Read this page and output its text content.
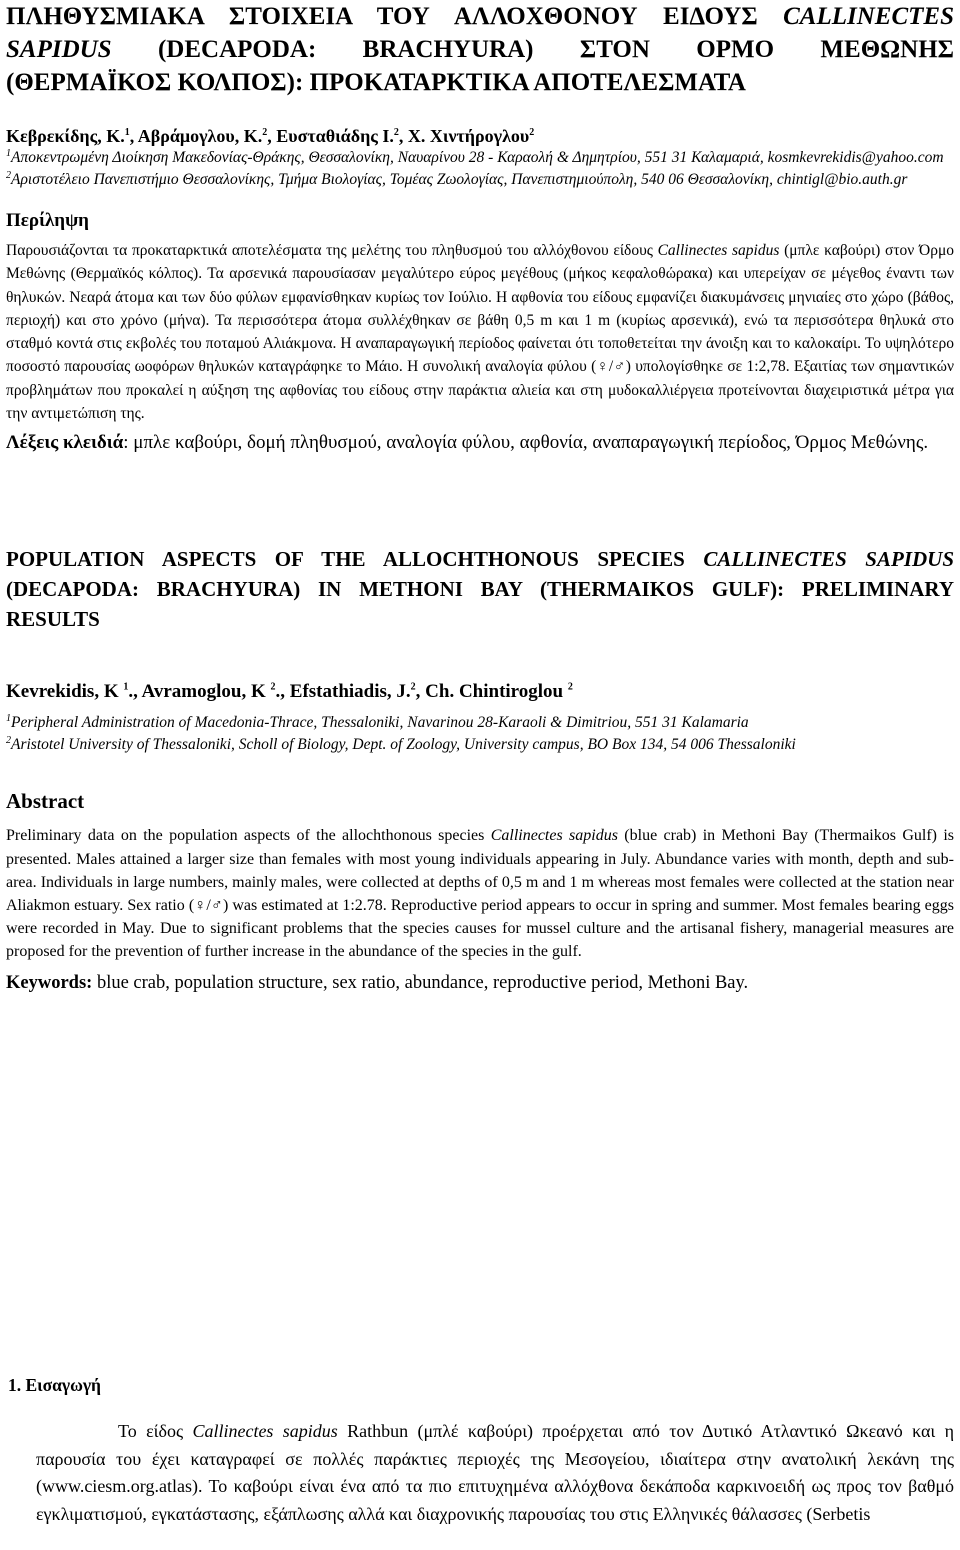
ΠΛΗΘΥΣΜΙΑΚΑ ΣΤΟΙΧΕΙΑ ΤΟΥ ΑΛΛΟΧΘΟΝΟΥ ΕΙΔΟΥΣ CALLINECTES
SAPIDUS (DECAPODA: BRACHYURA) ΣΤΟΝ ΟΡΜΟ ΜΕΘΩΝΗΣ
(ΘΕΡΜΑΪΚΟΣ ΚΟΛΠΟΣ): ΠΡΟΚΑΤΑΡΚΤΙΚΑ ΑΠΟΤΕΛΕΣΜΑΤΑ
Κεβρεκίδης, Κ.$^1$, Αβράμογλου, Κ.$^2$, Ευσταθιάδης Ι.$^2$, Χ. Χιντήρογλου$^2$
$^1$Αποκεντρωμένη Διοίκηση Μακεδονίας-Θράκης, Θεσσαλονίκη, Ναυαρίνου 28 - Καραολή & Δημητρίου, 551 31 Καλαμαριά, kosmkevrekidis@yahoo.com
$^2$Αριστοτέλειο Πανεπιστήμιο Θεσσαλονίκης, Τμήμα Βιολογίας, Τομέας Ζωολογίας, Πανεπιστημιούπολη, 540 06 Θεσσαλονίκη, chintigl@bio.auth.gr
Περίληψη
Παρουσιάζονται τα προκαταρκτικά αποτελέσματα της μελέτης του πληθυσμού του αλλόχθονου είδους Callinectes sapidus (μπλε καβούρι) στον Όρμο Μεθώνης (Θερμαϊκός κόλπος). Τα αρσενικά παρουσίασαν μεγαλύτερο εύρος μεγέθους (μήκος κεφαλοθώρακα) και υπερείχαν σε μέγεθος έναντι των θηλυκών. Νεαρά άτομα και των δύο φύλων εμφανίσθηκαν κυρίως τον Ιούλιο. Η αφθονία του είδους εμφανίζει διακυμάνσεις μηνιαίες στο χώρο (βάθος, περιοχή) και στο χρόνο (μήνα). Τα περισσότερα άτομα συλλέχθηκαν σε βάθη 0,5 m και 1 m (κυρίως αρσενικά), ενώ τα περισσότερα θηλυκά στο σταθμό κοντά στις εκβολές του ποταμού Αλιάκμονα. Η αναπαραγωγική περίοδος φαίνεται ότι τοποθετείται την άνοιξη και το καλοκαίρι. Το υψηλότερο ποσοστό παρουσίας ωοφόρων θηλυκών καταγράφηκε το Μάιο. Η συνολική αναλογία φύλου (♀/♂) υπολογίσθηκε σε 1:2,78. Εξαιτίας των σημαντικών προβλημάτων που προκαλεί η αύξηση της αφθονίας του είδους στην παράκτια αλιεία και στη μυδοκαλλιέργεια προτείνονται διαχειριστικά μέτρα για την αντιμετώπιση της.
Λέξεις κλειδιά: μπλε καβούρι, δομή πληθυσμού, αναλογία φύλου, αφθονία, αναπαραγωγική περίοδος, Όρμος Μεθώνης.
POPULATION ASPECTS OF THE ALLOCHTHONOUS SPECIES CALLINECTES SAPIDUS (DECAPODA: BRACHYURA) IN METHONI BAY (THERMAIKOS GULF): PRELIMINARY RESULTS
Kevrekidis, K $^1$., Avramoglou, K $^2$., Efstathiadis, J.$^2$, Ch. Chintiroglou $^2$
$^1$Peripheral Administration of Macedonia-Thrace, Thessaloniki, Navarinou 28-Karaoli & Dimitriou, 551 31 Kalamaria
$^2$Aristotel University of Thessaloniki, Scholl of Biology, Dept. of Zoology, University campus, BO Box 134, 54 006 Thessaloniki
Abstract
Preliminary data on the population aspects of the allochthonous species Callinectes sapidus (blue crab) in Methoni Bay (Thermaikos Gulf) is presented. Males attained a larger size than females with most young individuals appearing in July. Abundance varies with month, depth and sub-area. Individuals in large numbers, mainly males, were collected at depths of 0,5 m and 1 m whereas most females were collected at the station near Aliakmon estuary. Sex ratio (♀/♂) was estimated at 1:2.78. Reproductive period appears to occur in spring and summer. Most females bearing eggs were recorded in May. Due to significant problems that the species causes for mussel culture and the artisanal fishery, managerial measures are proposed for the prevention of further increase in the abundance of the species in the gulf.
Keywords: blue crab, population structure, sex ratio, abundance, reproductive period, Methoni Bay.
1. Εισαγωγή
Το είδος Callinectes sapidus Rathbun (μπλέ καβούρι) προέρχεται από τον Δυτικό Ατλαντικό Ωκεανό και η παρουσία του έχει καταγραφεί σε πολλές παράκτιες περιοχές της Μεσογείου, ιδιαίτερα στην ανατολική λεκάνη της (www.ciesm.org.atlas). Το καβούρι είναι ένα από τα πιο επιτυχημένα αλλόχθονα δεκάποδα καρκινοειδή ως προς τον βαθμό εγκλιματισμού, εγκατάστασης, εξάπλωσης αλλά και διαχρονικής παρουσίας του στις Ελληνικές θάλασσες (Serbetis
